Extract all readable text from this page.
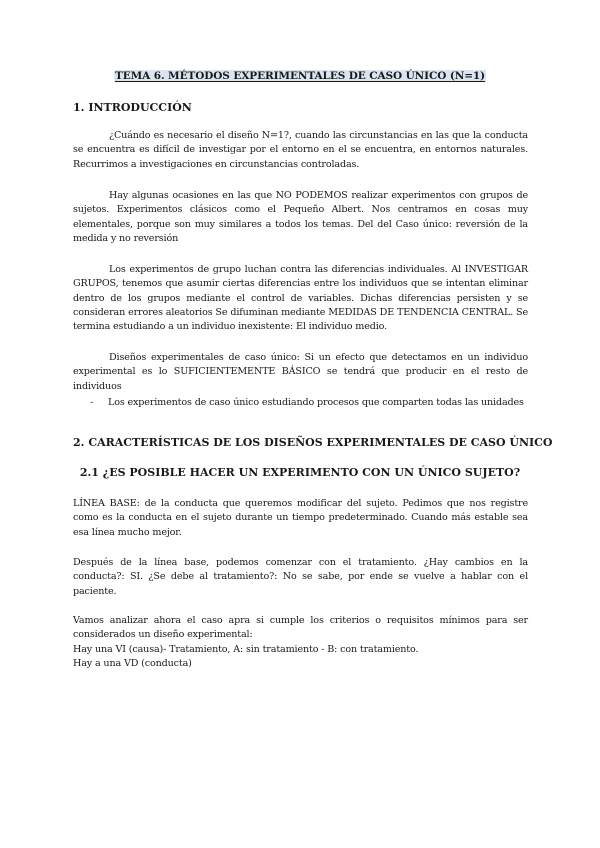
TEMA 6. MÉTODOS EXPERIMENTALES DE CASO ÚNICO (N=1)
1. INTRODUCCIÓN
¿Cuándo es necesario el diseño N=1?, cuando las circunstancias en las que la conducta se encuentra es difícil de investigar por el entorno en el se encuentra, en entornos naturales. Recurrimos a investigaciones en circunstancias controladas.
Hay algunas ocasiones en las que NO PODEMOS realizar experimentos con grupos de sujetos. Experimentos clásicos como el Pequeño Albert. Nos centramos en cosas muy elementales, porque son muy similares a todos los temas. Del del Caso único: reversión de la medida y no reversión
Los experimentos de grupo luchan contra las diferencias individuales. Al INVESTIGAR GRUPOS, tenemos que asumir ciertas diferencias entre los individuos que se intentan eliminar dentro de los grupos mediante el control de variables. Dichas diferencias persisten y se consideran errores aleatorios Se difuminan mediante MEDIDAS DE TENDENCIA CENTRAL. Se termina estudiando a un individuo inexistente: El individuo medio.
Diseños experimentales de caso único: Si un efecto que detectamos en un individuo experimental es lo SUFICIENTEMENTE BÁSICO se tendrá que producir en el resto de individuos
- Los experimentos de caso único estudiando procesos que comparten todas las unidades
2. CARACTERÍSTICAS DE LOS DISEÑOS EXPERIMENTALES DE CASO ÚNICO
2.1 ¿ES POSIBLE HACER UN EXPERIMENTO CON UN ÚNICO SUJETO?
LÍNEA BASE: de la conducta que queremos modificar del sujeto. Pedimos que nos registre como es la conducta en el sujeto durante un tiempo predeterminado. Cuando más estable sea esa línea mucho mejor.
Después de la línea base, podemos comenzar con el tratamiento. ¿Hay cambios en la conducta?: SI. ¿Se debe al tratamiento?: No se sabe, por ende se vuelve a hablar con el paciente.
Vamos analizar ahora el caso apra si cumple los criterios o requisitos mínimos para ser considerados un diseño experimental:
Hay una VI (causa)- Tratamiento, A: sin tratamiento - B: con tratamiento.
Hay a una VD (conducta)
